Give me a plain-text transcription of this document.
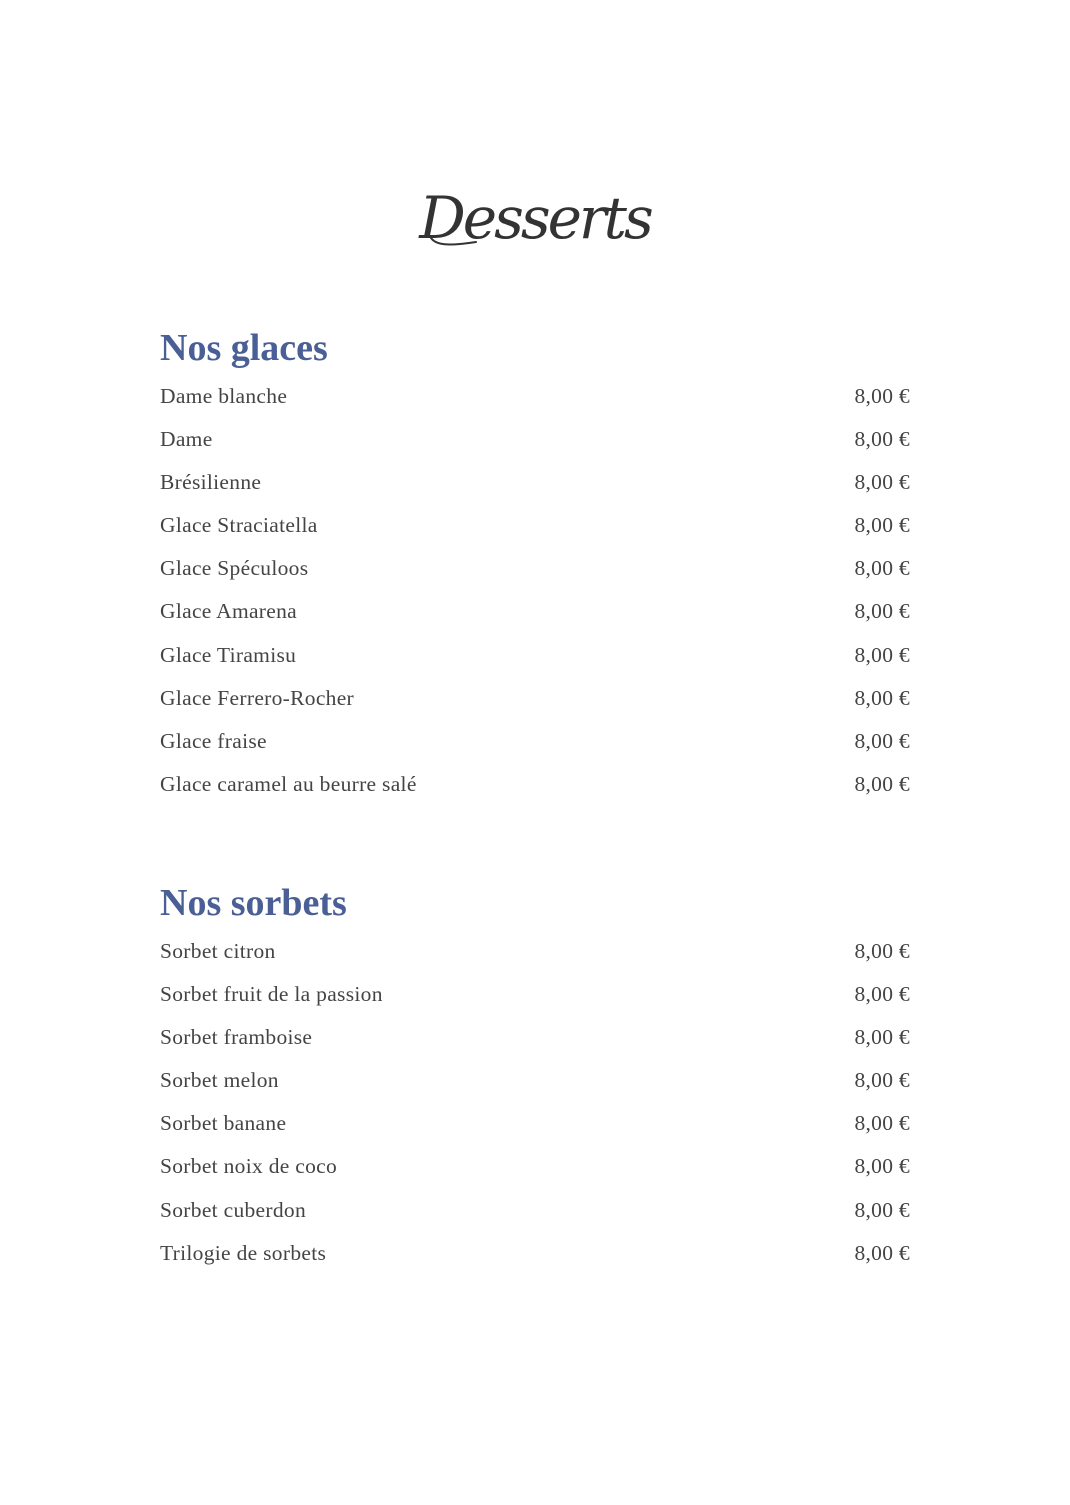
Desserts
Nos glaces
Dame blanche	8,00 €
Dame	8,00 €
Brésilienne	8,00 €
Glace Straciatella	8,00 €
Glace Spéculoos	8,00 €
Glace Amarena	8,00 €
Glace Tiramisu	8,00 €
Glace Ferrero-Rocher	8,00 €
Glace fraise	8,00 €
Glace caramel au beurre salé	8,00 €
Nos sorbets
Sorbet citron	8,00 €
Sorbet fruit de la passion	8,00 €
Sorbet framboise	8,00 €
Sorbet melon	8,00 €
Sorbet banane	8,00 €
Sorbet noix de coco	8,00 €
Sorbet cuberdon	8,00 €
Trilogie de sorbets	8,00 €
